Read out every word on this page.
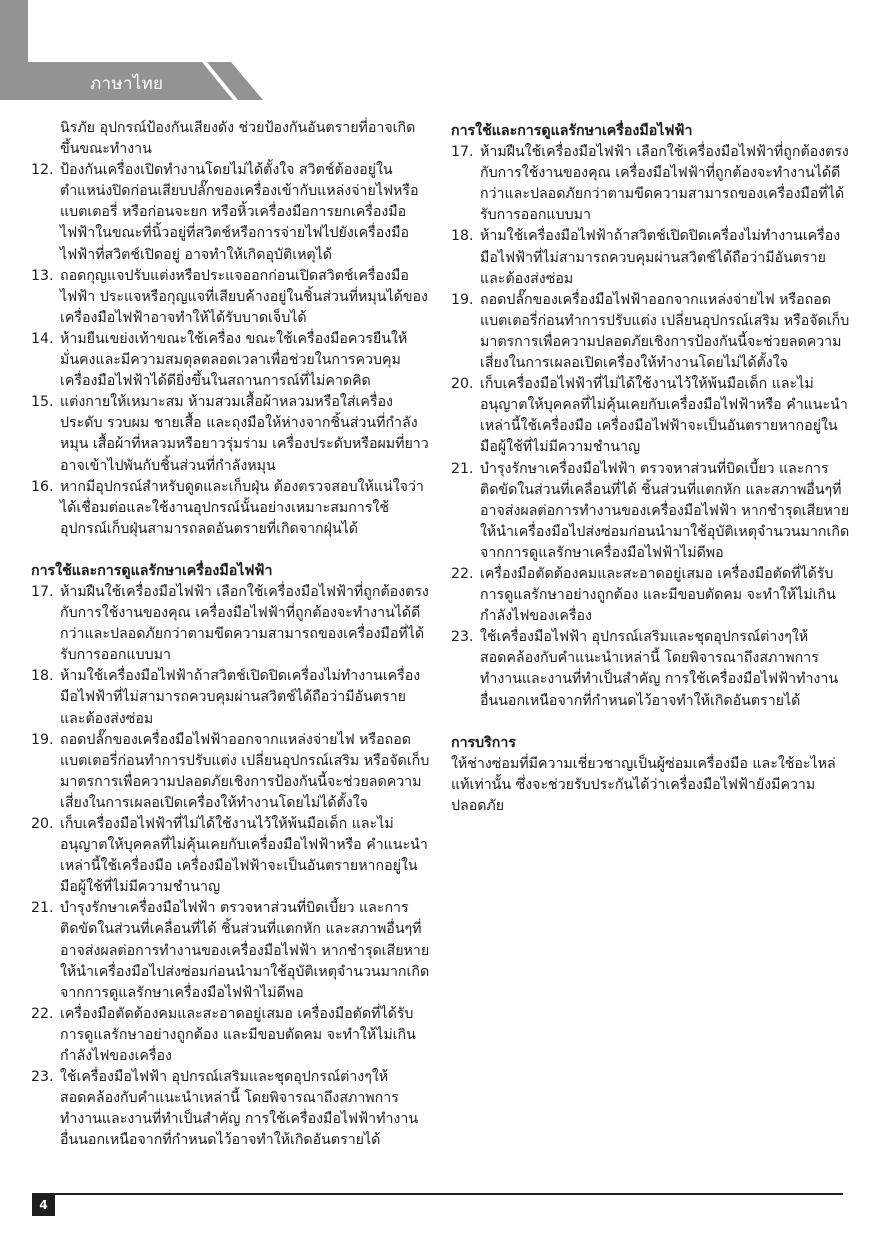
ภาษาไทย
นิรภัย อุปกรณ์ป้องกันเสียงดัง ช่วยป้องกันอันตรายที่อาจเกิดขึ้นขณะทำงาน
12. ป้องกันเครื่องเปิดทำงานโดยไม่ได้ตั้งใจ สวิตช์ต้องอยู่ในตำแหน่งปิดก่อนเสียบปลั๊กของเครื่องเข้ากับแหล่งจ่ายไฟหรือแบตเตอรี่ หรือก่อนจะยก หรือหิ้วเครื่องมือการยกเครื่องมือไฟฟ้าในขณะที่นิ้วอยู่ที่สวิตช์หรือการจ่ายไฟไปยังเครื่องมือไฟฟ้าที่สวิตช์เปิดอยู่ อาจทำให้เกิดอุบัติเหตุได้
13. ถอดกุญแจปรับแต่งหรือประแจออกก่อนเปิดสวิตช์เครื่องมือไฟฟ้า ประแจหรือกุญแจที่เสียบค้างอยู่ในชิ้นส่วนที่หมุนได้ของเครื่องมือไฟฟ้าอาจทำให้ได้รับบาดเจ็บได้
14. ห้ามยืนเขย่งเท้าขณะใช้เครื่อง ขณะใช้เครื่องมือควรยืนให้มั่นคงและมีความสมดุลตลอดเวลาเพื่อช่วยในการควบคุมเครื่องมือไฟฟ้าได้ดียิ่งขึ้นในสถานการณ์ที่ไม่คาดคิด
15. แต่งกายให้เหมาะสม ห้ามสวมเสื้อผ้าหลวมหรือใส่เครื่องประดับ รวบผม ชายเสื้อ และถุงมือให้ห่างจากชิ้นส่วนที่กำลังหมุน เสื้อผ้าที่หลวมหรือยาวรุ่มร่าม เครื่องประดับหรือผมที่ยาว อาจเข้าไปพันกับชิ้นส่วนที่กำลังหมุน
16. หากมีอุปกรณ์สำหรับดูดและเก็บฝุ่น ต้องตรวจสอบให้แน่ใจว่าได้เชื่อมต่อและใช้งานอุปกรณ์นั้นอย่างเหมาะสมการใช้อุปกรณ์เก็บฝุ่นสามารถลดอันตรายที่เกิดจากฝุ่นได้
การใช้และการดูแลรักษาเครื่องมือไฟฟ้า
17. ห้ามฝืนใช้เครื่องมือไฟฟ้า เลือกใช้เครื่องมือไฟฟ้าที่ถูกต้องตรงกับการใช้งานของคุณ เครื่องมือไฟฟ้าที่ถูกต้องจะทำงานได้ดีกว่าและปลอดภัยกว่าตามขีดความสามารถของเครื่องมือที่ได้รับการออกแบบมา
18. ห้ามใช้เครื่องมือไฟฟ้าถ้าสวิตช์เปิดปิดเครื่องไม่ทำงานเครื่องมือไฟฟ้าที่ไม่สามารถควบคุมผ่านสวิตช์ได้ถือว่ามีอันตรายและต้องส่งซ่อม
19. ถอดปลั๊กของเครื่องมือไฟฟ้าออกจากแหล่งจ่ายไฟ หรือถอดแบตเตอรี่ก่อนทำการปรับแต่ง เปลี่ยนอุปกรณ์เสริม หรือจัดเก็บมาตรการเพื่อความปลอดภัยเชิงการป้องกันนี้จะช่วยลดความเสี่ยงในการเผลอเปิดเครื่องให้ทำงานโดยไม่ได้ตั้งใจ
20. เก็บเครื่องมือไฟฟ้าที่ไม่ได้ใช้งานไว้ให้พ้นมือเด็ก และไม่อนุญาตให้บุคคลที่ไม่คุ้นเคยกับเครื่องมือไฟฟ้าหรือ คำแนะนำเหล่านี้ใช้เครื่องมือ เครื่องมือไฟฟ้าจะเป็นอันตรายหากอยู่ในมือผู้ใช้ที่ไม่มีความชำนาญ
21. บำรุงรักษาเครื่องมือไฟฟ้า ตรวจหาส่วนที่บิดเบี้ยว และการติดขัดในส่วนที่เคลื่อนที่ได้ ชิ้นส่วนที่แตกหัก และสภาพอื่นๆที่อาจส่งผลต่อการทำงานของเครื่องมือไฟฟ้า หากชำรุดเสียหาย ให้นำเครื่องมือไปส่งซ่อมก่อนนำมาใช้อุบัติเหตุจำนวนมากเกิดจากการดูแลรักษาเครื่องมือไฟฟ้าไม่ดีพอ
22. เครื่องมือตัดต้องคมและสะอาดอยู่เสมอ เครื่องมือตัดที่ได้รับการดูแลรักษาอย่างถูกต้อง และมีขอบตัดคม จะทำให้ไม่เกินกำลังไฟของเครื่อง
23. ใช้เครื่องมือไฟฟ้า อุปกรณ์เสริมและชุดอุปกรณ์ต่างๆให้สอดคล้องกับคำแนะนำเหล่านี้ โดยพิจารณาถึงสภาพการทำงานและงานที่ทำเป็นสำคัญ การใช้เครื่องมือไฟฟ้าทำงานอื่นนอกเหนือจากที่กำหนดไว้อาจทำให้เกิดอันตรายได้
การใช้และการดูแลรักษาเครื่องมือไฟฟ้า
17. ห้ามฝืนใช้เครื่องมือไฟฟ้า เลือกใช้เครื่องมือไฟฟ้าที่ถูกต้องตรงกับการใช้งานของคุณ เครื่องมือไฟฟ้าที่ถูกต้องจะทำงานได้ดีกว่าและปลอดภัยกว่าตามขีดความสามารถของเครื่องมือที่ได้รับการออกแบบมา
18. ห้ามใช้เครื่องมือไฟฟ้าถ้าสวิตช์เปิดปิดเครื่องไม่ทำงานเครื่องมือไฟฟ้าที่ไม่สามารถควบคุมผ่านสวิตช์ได้ถือว่ามีอันตรายและต้องส่งซ่อม
19. ถอดปลั๊กของเครื่องมือไฟฟ้าออกจากแหล่งจ่ายไฟ หรือถอดแบตเตอรี่ก่อนทำการปรับแต่ง เปลี่ยนอุปกรณ์เสริม หรือจัดเก็บมาตรการเพื่อความปลอดภัยเชิงการป้องกันนี้จะช่วยลดความเสี่ยงในการเผลอเปิดเครื่องให้ทำงานโดยไม่ได้ตั้งใจ
20. เก็บเครื่องมือไฟฟ้าที่ไม่ได้ใช้งานไว้ให้พ้นมือเด็ก และไม่อนุญาตให้บุคคลที่ไม่คุ้นเคยกับเครื่องมือไฟฟ้าหรือ คำแนะนำเหล่านี้ใช้เครื่องมือ เครื่องมือไฟฟ้าจะเป็นอันตรายหากอยู่ในมือผู้ใช้ที่ไม่มีความชำนาญ
21. บำรุงรักษาเครื่องมือไฟฟ้า ตรวจหาส่วนที่บิดเบี้ยว และการติดขัดในส่วนที่เคลื่อนที่ได้ ชิ้นส่วนที่แตกหัก และสภาพอื่นๆที่อาจส่งผลต่อการทำงานของเครื่องมือไฟฟ้า หากชำรุดเสียหาย ให้นำเครื่องมือไปส่งซ่อมก่อนนำมาใช้อุบัติเหตุจำนวนมากเกิดจากการดูแลรักษาเครื่องมือไฟฟ้าไม่ดีพอ
22. เครื่องมือตัดต้องคมและสะอาดอยู่เสมอ เครื่องมือตัดที่ได้รับการดูแลรักษาอย่างถูกต้อง และมีขอบตัดคม จะทำให้ไม่เกินกำลังไฟของเครื่อง
23. ใช้เครื่องมือไฟฟ้า อุปกรณ์เสริมและชุดอุปกรณ์ต่างๆให้สอดคล้องกับคำแนะนำเหล่านี้ โดยพิจารณาถึงสภาพการทำงานและงานที่ทำเป็นสำคัญ การใช้เครื่องมือไฟฟ้าทำงานอื่นนอกเหนือจากที่กำหนดไว้อาจทำให้เกิดอันตรายได้
การบริการ
ให้ช่างซ่อมที่มีความเชี่ยวชาญเป็นผู้ซ่อมเครื่องมือ และใช้อะไหล่แท้เท่านั้น ซึ่งจะช่วยรับประกันได้ว่าเครื่องมือไฟฟ้ายังมีความปลอดภัย
4
